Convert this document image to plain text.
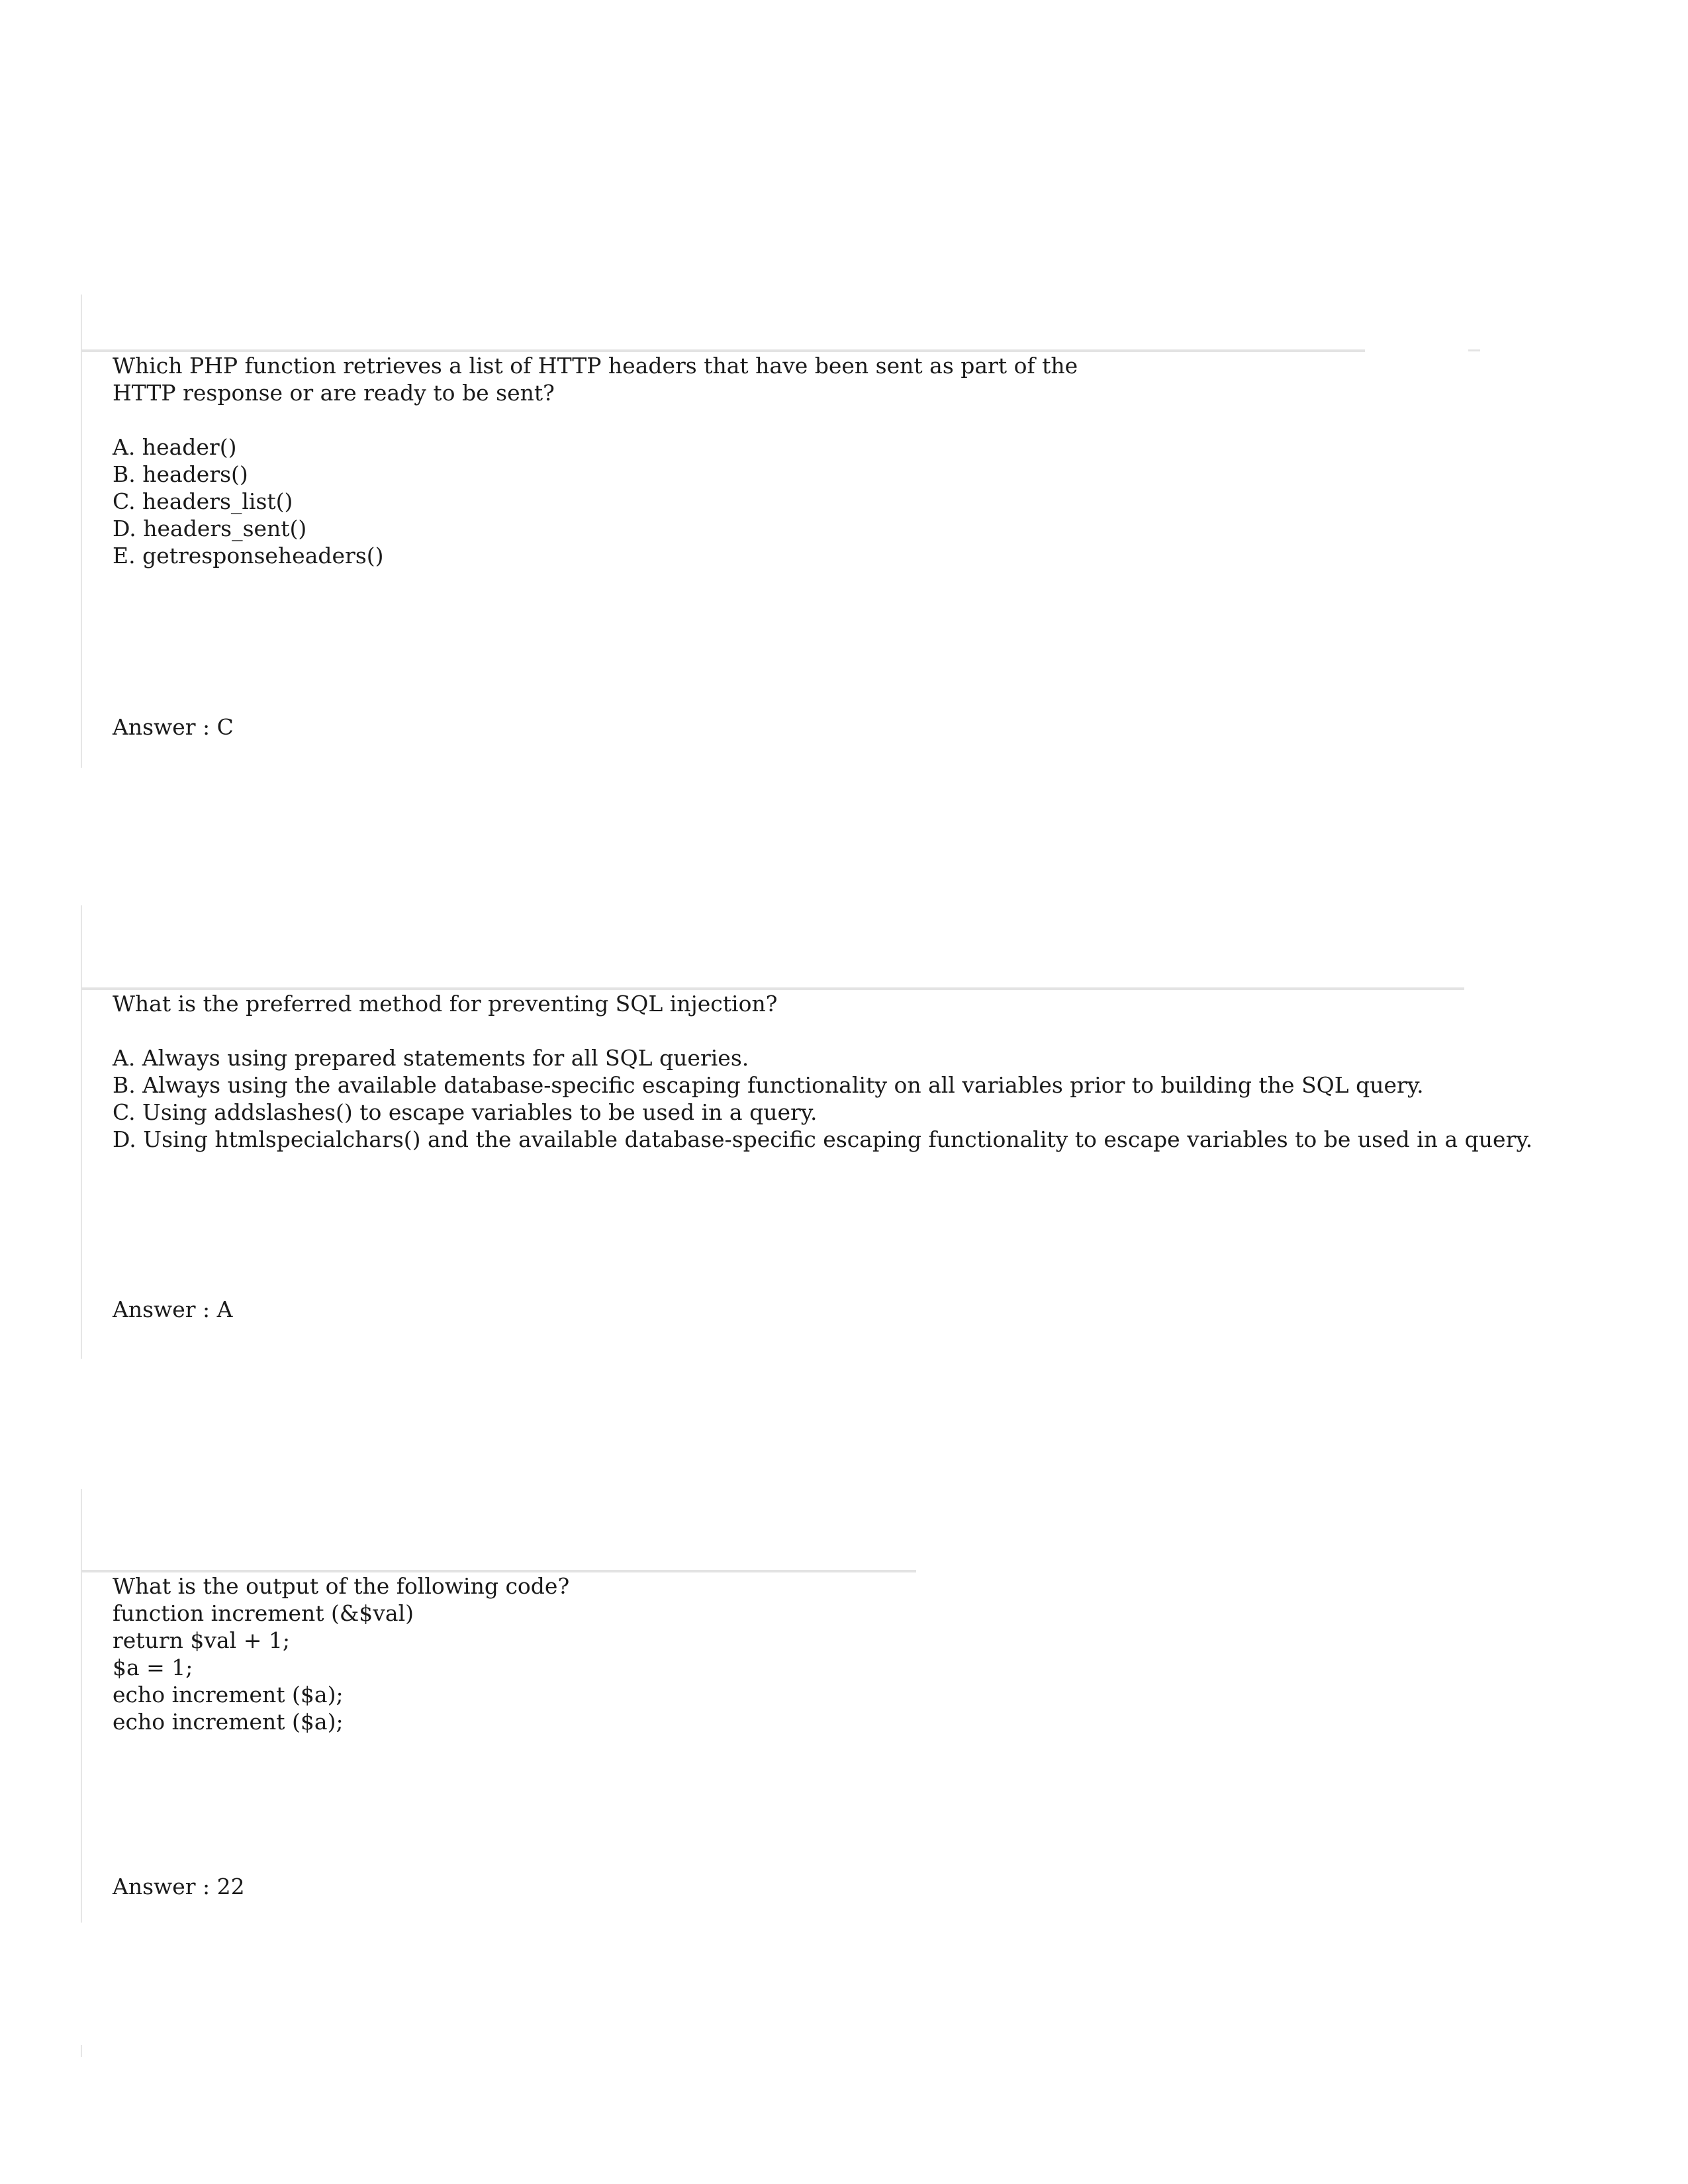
Which PHP function retrieves a list of HTTP headers that have been sent as part of the
HTTP response or are ready to be sent?
A. header()
B. headers()
C. headers_list()
D. headers_sent()
E. getresponseheaders()
Answer : C
What is the preferred method for preventing SQL injection?
A. Always using prepared statements for all SQL queries.
B. Always using the available database-specific escaping functionality on all variables prior to building the SQL query.
C. Using addslashes() to escape variables to be used in a query.
D. Using htmlspecialchars() and the available database-specific escaping functionality to escape variables to be used in a query.
Answer : A
What is the output of the following code?
function increment (&$val)
return $val + 1;
$a = 1;
echo increment ($a);
echo increment ($a);
Answer : 22
